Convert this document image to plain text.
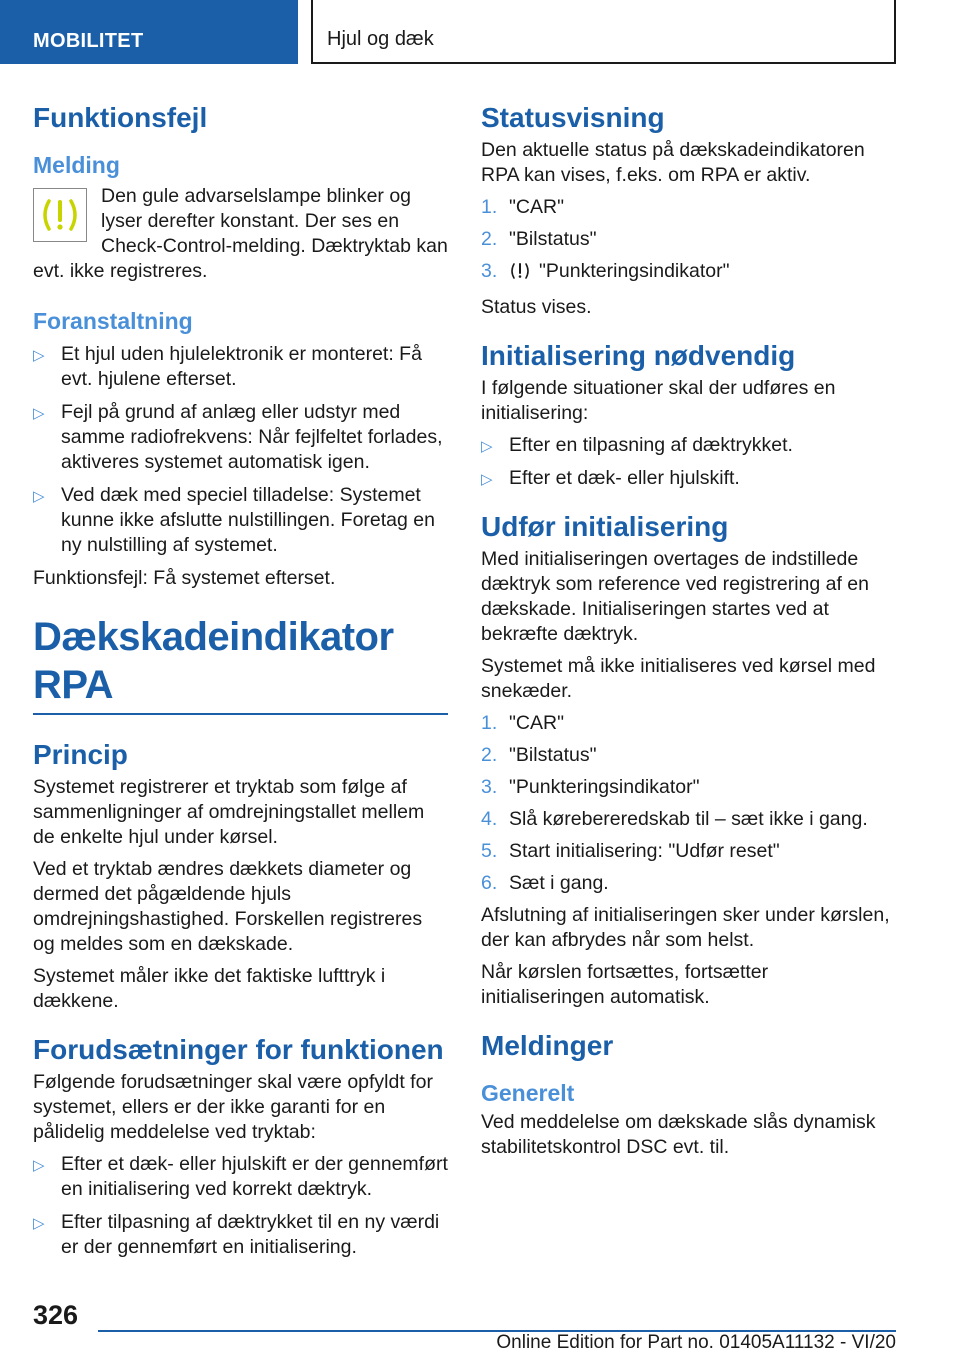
MOBILITET	Hjul og dæk
Funktionsfejl
Melding
Den gule advarselslampe blinker og lyser derefter konstant. Der ses en Check-Control-melding. Dæktryktab kan evt. ikke registreres.
Foranstaltning
▷ Et hjul uden hjulelektronik er monteret: Få evt. hjulene efterset.
▷ Fejl på grund af anlæg eller udstyr med samme radiofrekvens: Når fejlfeltet forlades, aktiveres systemet automatisk igen.
▷ Ved dæk med speciel tilladelse: Systemet kunne ikke afslutte nulstillingen. Foretag en ny nulstilling af systemet.

Funktionsfejl: Få systemet efterset.

Dækskadeindikator RPA
Princip

Systemet registrerer et tryktab som følge af sammenligninger af omdrejningstallet mellem de enkelte hjul under kørsel.

Ved et tryktab ændres dækkets diameter og dermed det pågældende hjuls omdrejningshastighed. Forskellen registreres og meldes som en dækskade.

Systemet måler ikke det faktiske lufttryk i dækkene.

Forudsætninger for funktionen

Følgende forudsætninger skal være opfyldt for systemet, ellers er der ikke garanti for en pålidelig meddelelse ved tryktab:

▷ Efter et dæk- eller hjulskift er der gennemført en initialisering ved korrekt dæktryk.
▷ Efter tilpasning af dæktrykket til en ny værdi er der gennemført en initialisering.
Statusvisning

Den aktuelle status på dækskadeindikatoren RPA kan vises, f.eks. om RPA er aktiv.

1. "CAR"
2. "Bilstatus"
3. "Punkteringsindikator"

Status vises.

Initialisering nødvendig

I følgende situationer skal der udføres en initialisering:

▷ Efter en tilpasning af dæktrykket.
▷ Efter et dæk- eller hjulskift.
Udfør initialisering

Med initialiseringen overtages de indstillede dæktryk som reference ved registrering af en dækskade. Initialiseringen startes ved at bekræfte dæktryk.

Systemet må ikke initialiseres ved kørsel med snekæder.

1. "CAR"
2. "Bilstatus"
3. "Punkteringsindikator"
4. Slå kørebereredskab til – sæt ikke i gang.
5. Start initialisering: "Udfør reset"
6. Sæt i gang.

Afslutning af initialiseringen sker under kørslen, der kan afbrydes når som helst.

Når kørslen fortsættes, fortsætter initialiseringen automatisk.

Meldinger
Generelt

Ved meddelelse om dækskade slås dynamisk stabilitetskontrol DSC evt. til.

326
Online Edition for Part no. 01405A11132 - VI/20
